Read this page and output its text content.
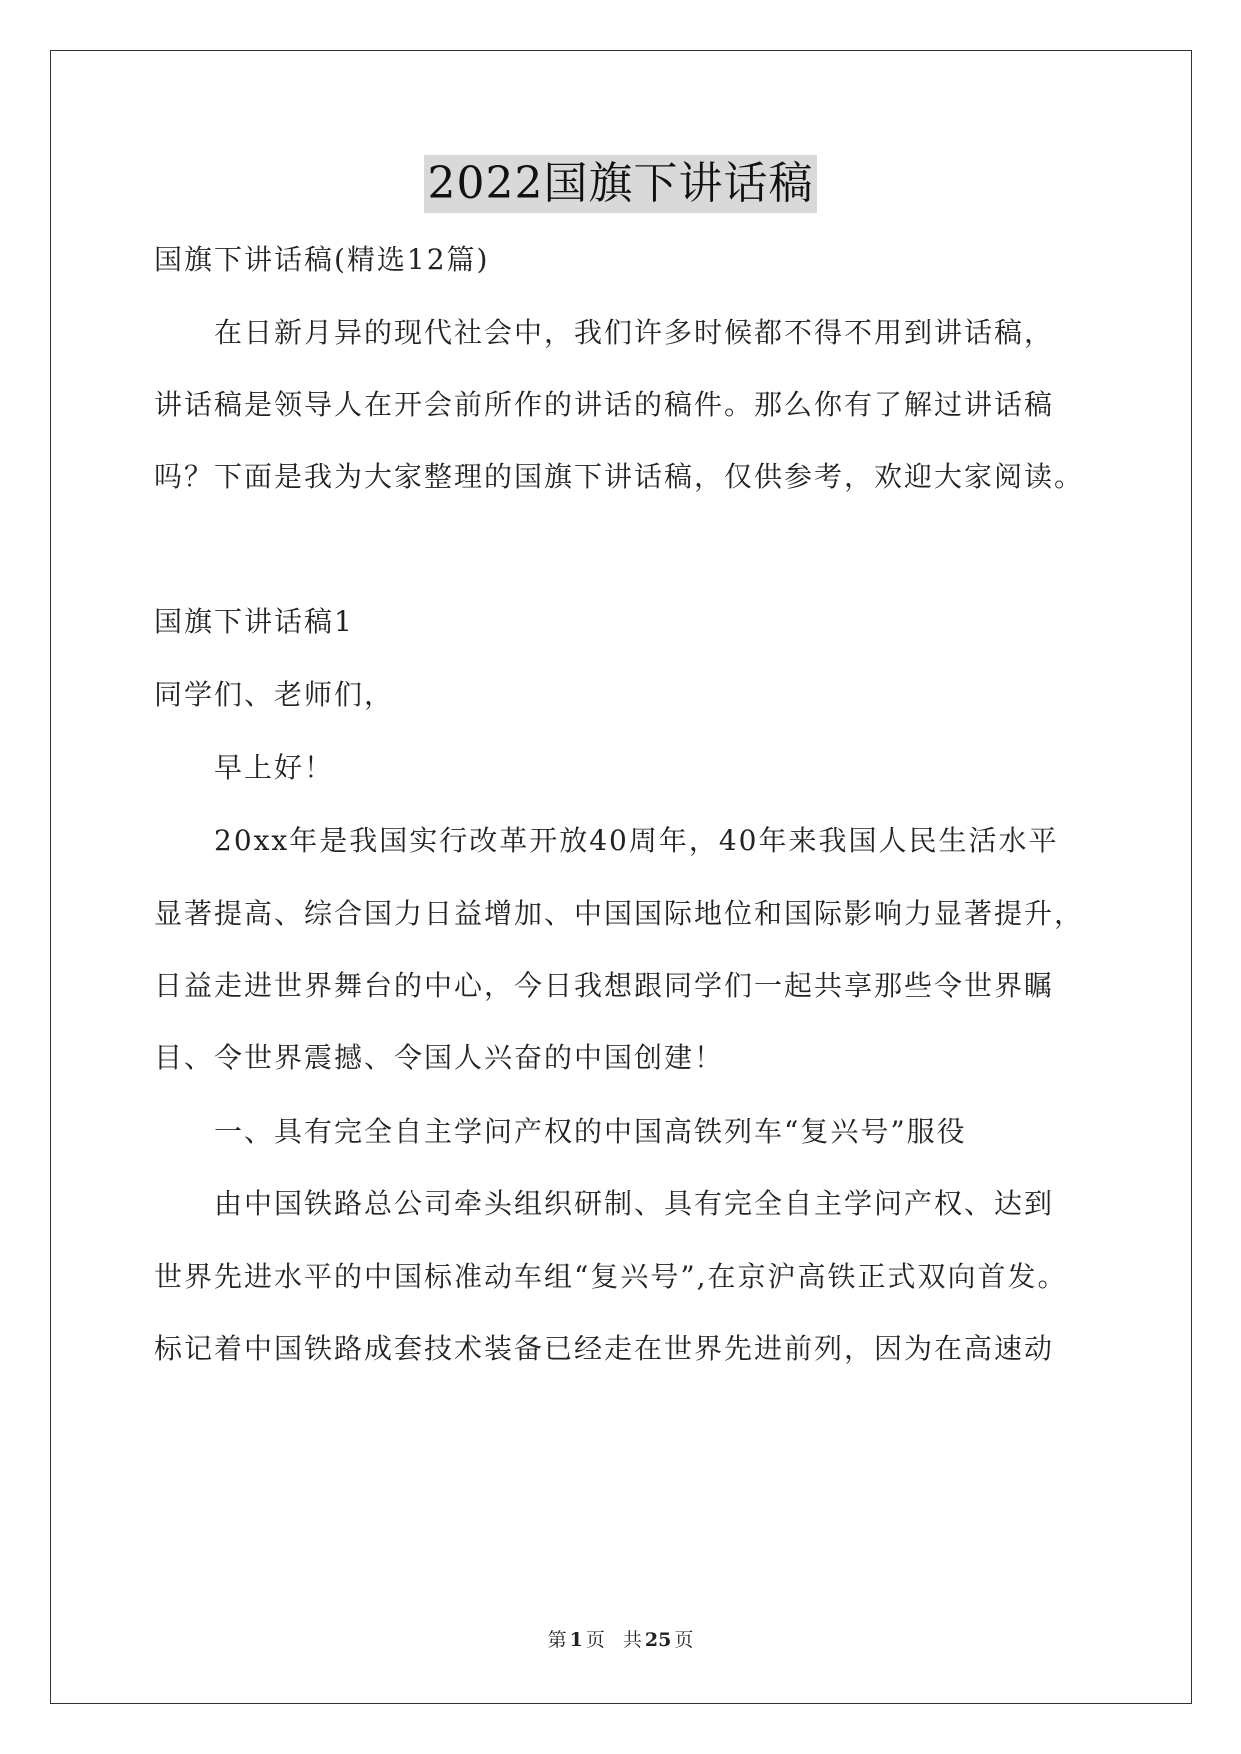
2022国旗下讲话稿
国旗下讲话稿(精选12篇)
在日新月异的现代社会中，我们许多时候都不得不用到讲话稿，
讲话稿是领导人在开会前所作的讲话的稿件。那么你有了解过讲话稿
吗？下面是我为大家整理的国旗下讲话稿，仅供参考，欢迎大家阅读。
国旗下讲话稿1
同学们、老师们，
早上好！
20xx年是我国实行改革开放40周年，40年来我国人民生活水平
显著提高、综合国力日益增加、中国国际地位和国际影响力显著提升，
日益走进世界舞台的中心，今日我想跟同学们一起共享那些令世界瞩
目、令世界震撼、令国人兴奋的中国创建！
一、具有完全自主学问产权的中国高铁列车“复兴号”服役
由中国铁路总公司牵头组织研制、具有完全自主学问产权、达到
世界先进水平的中国标准动车组“复兴号”,在京沪高铁正式双向首发。
标记着中国铁路成套技术装备已经走在世界先进前列，因为在高速动
第 1 页 共 25 页
